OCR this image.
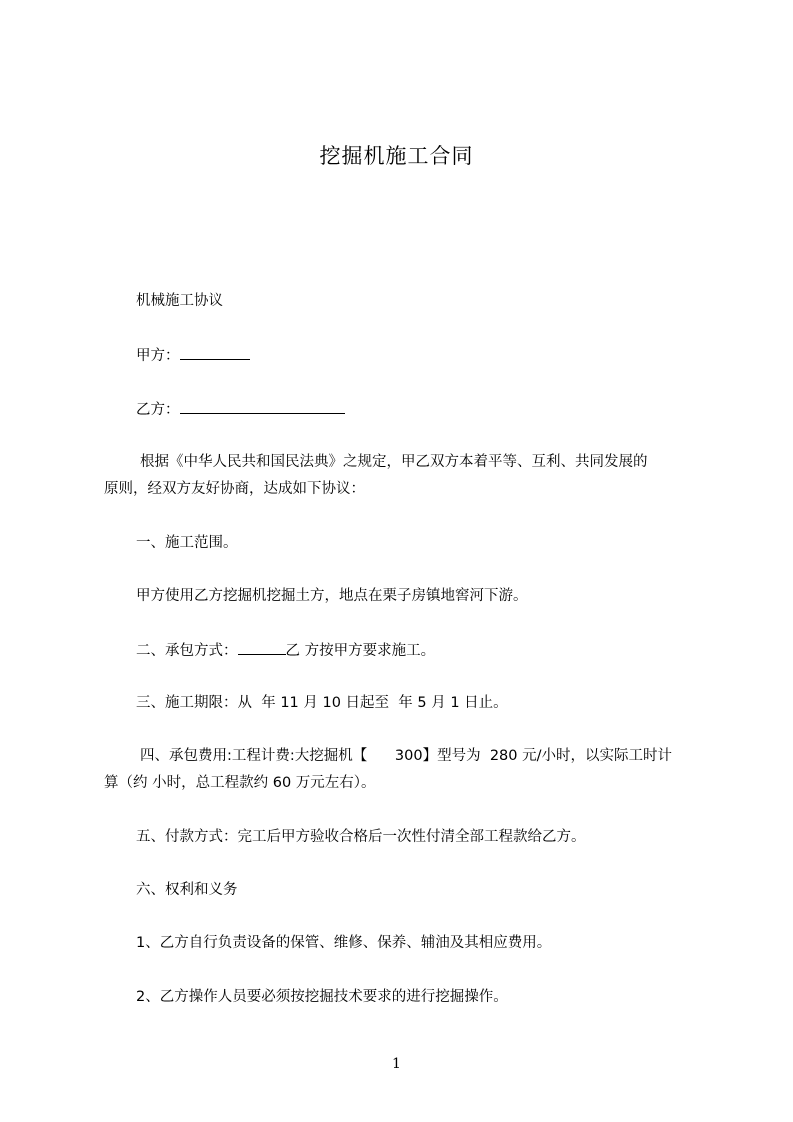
挖掘机施工合同
机械施工协议
甲方：
乙方：
根据《中华人民共和国民法典》之规定，甲乙双方本着平等、互利、共同发展的
原则，经双方友好协商，达成如下协议：
一、施工范围。
甲方使用乙方挖掘机挖掘土方，地点在栗子房镇地窖河下游。
二、承包方式：	乙 方按甲方要求施工。
三、施工期限：从  年 11 月 10 日起至  年 5 月 1 日止。
四、承包费用:工程计费:大挖掘机【      300】型号为  280 元/小时，以实际工时计
算（约 小时，总工程款约 60 万元左右）。
五、付款方式：完工后甲方验收合格后一次性付清全部工程款给乙方。
六、权利和义务
1、乙方自行负责设备的保管、维修、保养、辅油及其相应费用。
2、乙方操作人员要必须按挖掘技术要求的进行挖掘操作。
1
